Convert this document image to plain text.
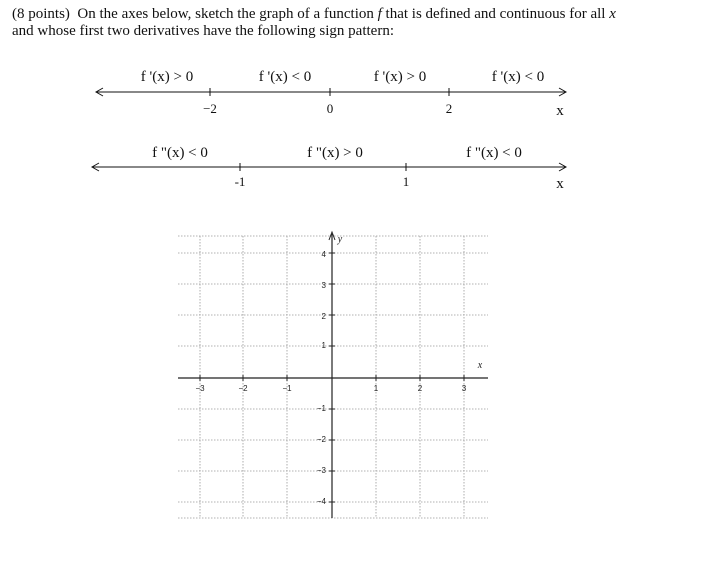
(8 points) On the axes below, sketch the graph of a function f that is defined and continuous for all x
and whose first two derivatives have the following sign pattern:
f '(x) > 0	f '(x) < 0	f '(x) > 0	f '(x) < 0
−2	0	2	x
f "(x) < 0	f "(x) > 0	f "(x) < 0
-1	1	x
−3	−2	−1	1	2	3
4
3
2
1
−1
−2
−3
−4
x
y
